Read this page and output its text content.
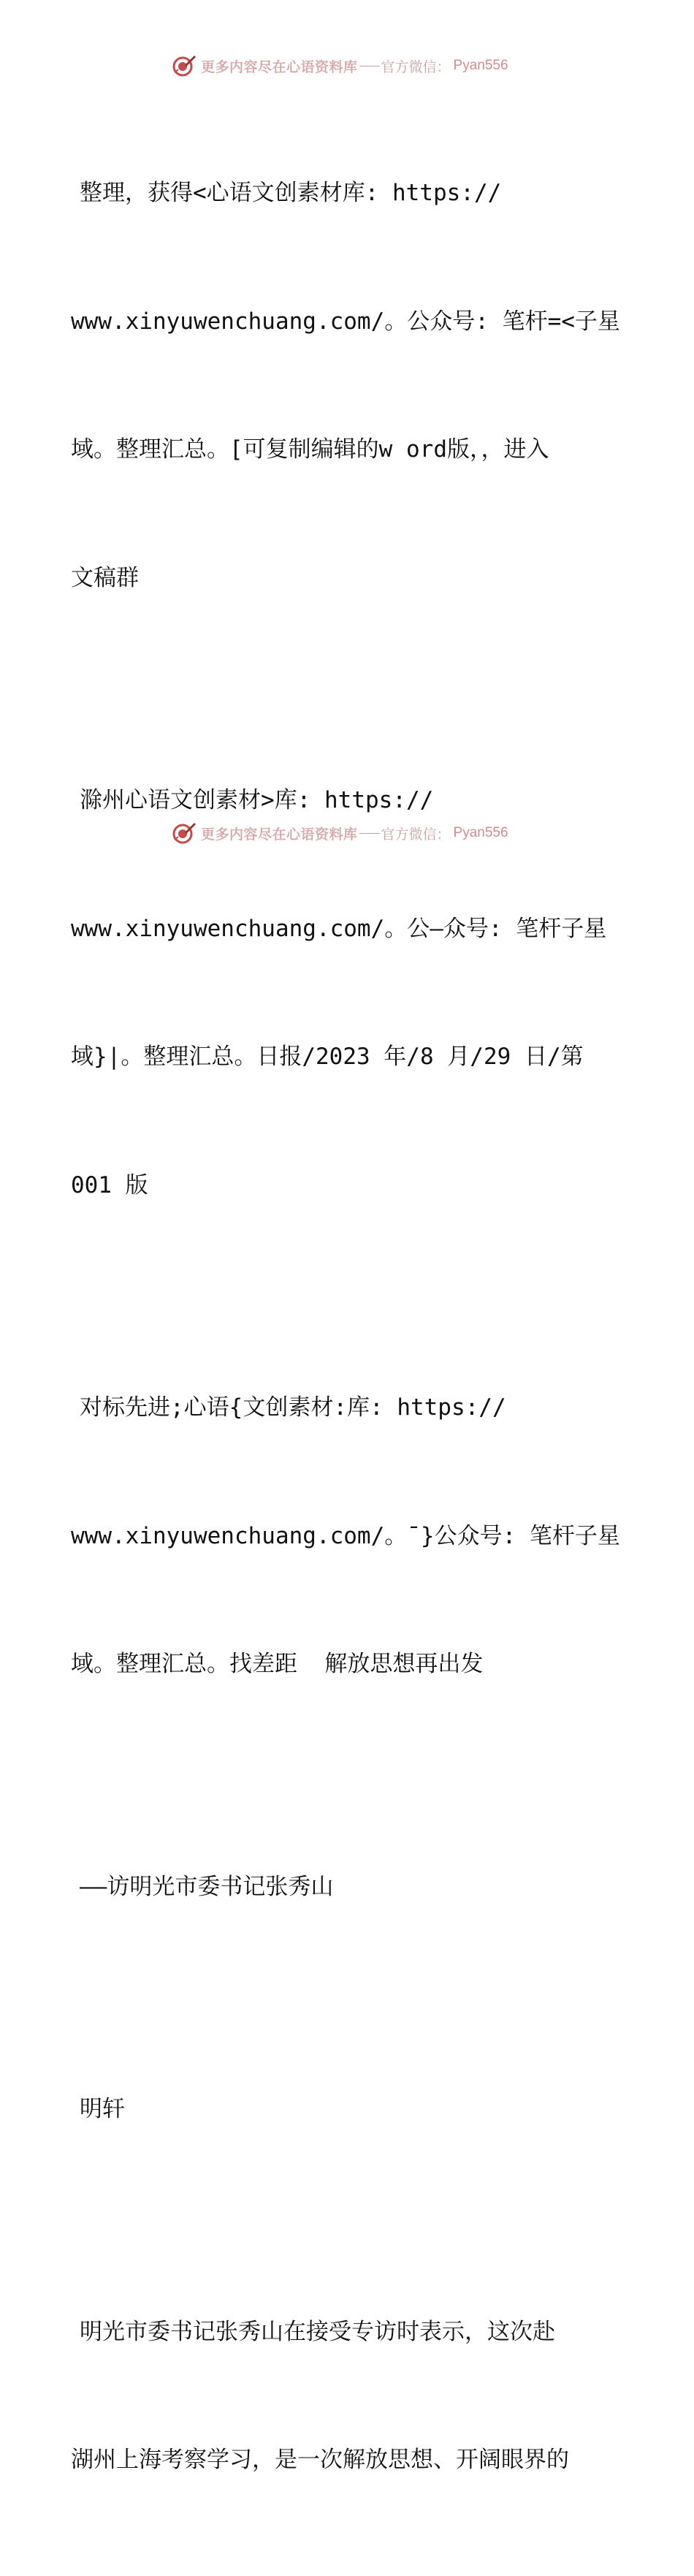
更多内容尽在心语资料库 官方微信： Pyan556

整理，获得<心语文创素材库: https://

www.xinyuwenchuang.com/。公众号: 笔杆=<子星

域。整理汇总。[可复制编辑的w ord版，，进入

文稿群

滁州心语文创素材>库: https://

www.xinyuwenchuang.com/。公—众号: 笔杆子星

域}|。整理汇总。日报/2023 年/8 月/29 日/第

001 版

对标先进;心语{文创素材:库: https://

www.xinyuwenchuang.com/。¯}公众号: 笔杆子星

域。整理汇总。找差距  解放思想再出发

——访明光市委书记张秀山

明轩

明光市委书记张秀山在接受专访时表示，这次赴

湖州上海考察学习，是一次解放思想、开阔眼界的

更多内容尽在心语资料库 官方微信： Pyan556
